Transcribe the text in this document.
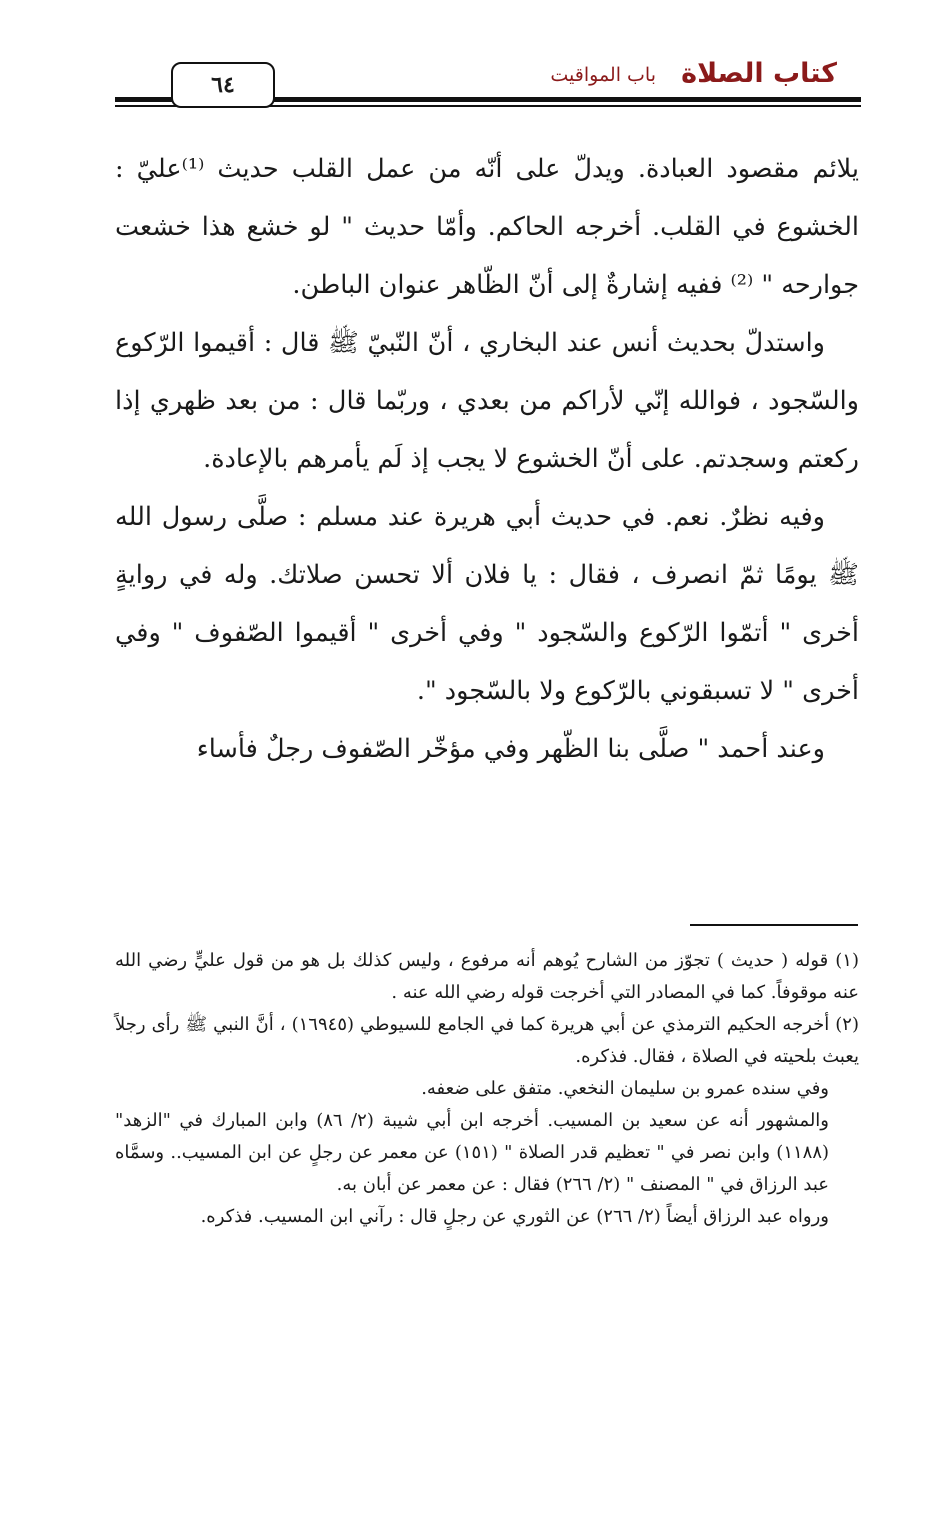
كتاب الصلاة
باب المواقيت
٦٤

يلائم مقصود العبادة. ويدلّ على أنّه من عمل القلب حديث ⁽¹⁾عليّ : الخشوع في القلب. أخرجه الحاكم. وأمّا حديث " لو خشع هذا خشعت جوارحه " ⁽²⁾ ففيه إشارةٌ إلى أنّ الظّاهر عنوان الباطن.

واستدلّ بحديث أنس عند البخاري ، أنّ النّبيّ ﷺ قال : أقيموا الرّكوع والسّجود ، فوالله إنّي لأراكم من بعدي ، وربّما قال : من بعد ظهري إذا ركعتم وسجدتم. على أنّ الخشوع لا يجب إذ لَم يأمرهم بالإعادة.

وفيه نظرٌ. نعم. في حديث أبي هريرة عند مسلم : صلَّى رسول الله ﷺ يومًا ثمّ انصرف ، فقال : يا فلان ألا تحسن صلاتك. وله في روايةٍ أخرى " أتمّوا الرّكوع والسّجود " وفي أخرى " أقيموا الصّفوف " وفي أخرى " لا تسبقوني بالرّكوع ولا بالسّجود ".

وعند أحمد " صلَّى بنا الظّهر وفي مؤخّر الصّفوف رجلٌ فأساء

(١) قوله ( حديث ) تجوّز من الشارح يُوهم أنه مرفوع ، وليس كذلك بل هو من قول عليٍّ رضي الله عنه موقوفاً. كما في المصادر التي أخرجت قوله رضي الله عنه .

(٢) أخرجه الحكيم الترمذي عن أبي هريرة كما في الجامع للسيوطي (١٦٩٤٥) ، أنَّ النبي ﷺ رأى رجلاً يعبث بلحيته في الصلاة ، فقال. فذكره.

وفي سنده عمرو بن سليمان النخعي. متفق على ضعفه.

والمشهور أنه عن سعيد بن المسيب. أخرجه ابن أبي شيبة (٢/ ٨٦) وابن المبارك في "الزهد" (١١٨٨) وابن نصر في " تعظيم قدر الصلاة " (١٥١) عن معمر عن رجلٍ عن ابن المسيب.. وسمَّاه عبد الرزاق في " المصنف " (٢/ ٢٦٦) فقال : عن معمر عن أبان به.

ورواه عبد الرزاق أيضاً (٢/ ٢٦٦) عن الثوري عن رجلٍ قال : رآني ابن المسيب. فذكره.
